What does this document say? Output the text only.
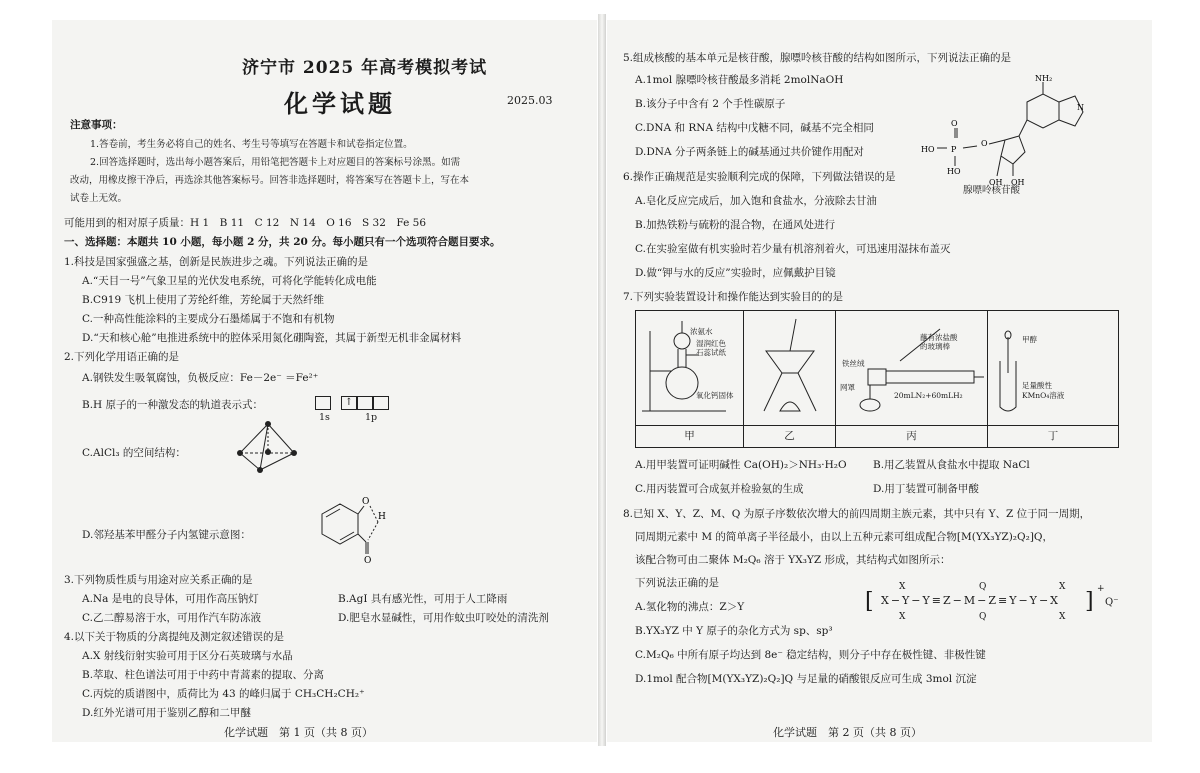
济宁市 2025 年高考模拟考试
化学试题	2025.03
注意事项：
1.答卷前，考生务必将自己的姓名、考生号等填写在答题卡和试卷指定位置。
2.回答选择题时，选出每小题答案后，用铅笔把答题卡上对应题目的答案标号涂黑。如需
改动，用橡皮擦干净后，再选涂其他答案标号。回答非选择题时，将答案写在答题卡上，写在本
试卷上无效。
可能用到的相对原子质量：H 1　B 11　C 12　N 14　O 16　S 32　Fe 56
一、选择题：本题共 10 小题，每小题 2 分，共 20 分。每小题只有一个选项符合题目要求。
1.科技是国家强盛之基，创新是民族进步之魂。下列说法正确的是
A.“天目一号”气象卫星的光伏发电系统，可将化学能转化成电能
B.C919 飞机上使用了芳纶纤维，芳纶属于天然纤维
C.一种高性能涂料的主要成分石墨烯属于不饱和有机物
D.“天和核心舱”电推进系统中的腔体采用氮化硼陶瓷，其属于新型无机非金属材料
2.下列化学用语正确的是
A.钢铁发生吸氧腐蚀，负极反应：Fe－2e⁻ ＝Fe²⁺
B.H 原子的一种激发态的轨道表示式：	↑
1s	1p
C.AlCl₃ 的空间结构：
D.邻羟基苯甲醛分子内氢键示意图：
O
H
O
3.下列物质性质与用途对应关系正确的是
A.Na 是电的良导体，可用作高压钠灯	B.AgI 具有感光性，可用于人工降雨
C.乙二醇易溶于水，可用作汽车防冻液	D.肥皂水显碱性，可用作蚊虫叮咬处的清洗剂
4.以下关于物质的分离提纯及测定叙述错误的是
A.X 射线衍射实验可用于区分石英玻璃与水晶
B.萃取、柱色谱法可用于中药中青蒿素的提取、分离
C.丙烷的质谱图中，质荷比为 43 的峰归属于 CH₃CH₂CH₂⁺
D.红外光谱可用于鉴别乙醇和二甲醚
化学试题　第 1 页（共 8 页）
5.组成核酸的基本单元是核苷酸，腺嘌呤核苷酸的结构如图所示，下列说法正确的是
A.1mol 腺嘌呤核苷酸最多消耗 2molNaOH
B.该分子中含有 2 个手性碳原子
C.DNA 和 RNA 结构中戊糖不同，碱基不完全相同
D.DNA 分子两条链上的碱基通过共价键作用配对
NH₂
N
O
P
HO
HO
OH OH
O
腺嘌呤核苷酸
6.操作正确规范是实验顺利完成的保障，下列做法错误的是
A.皂化反应完成后，加入饱和食盐水，分液除去甘油
B.加热铁粉与硫粉的混合物，在通风处进行
C.在实验室做有机实验时若少量有机溶剂着火，可迅速用湿抹布盖灭
D.做“钾与水的反应”实验时，应佩戴护目镜
7.下列实验装置设计和操作能达到实验目的的是
浓氨水
湿润红色
石蕊试纸
氧化钙固体
蘸有浓盐酸
的玻璃棒
铁丝绒
网罩
20mLN₂+60mLH₂
甲醇
足量酸性
KMnO₄溶液
甲	乙	丙	丁
A.用甲装置可证明碱性 Ca(OH)₂＞NH₃·H₂O	B.用乙装置从食盐水中提取 NaCl
C.用丙装置可合成氨并检验氨的生成	D.用丁装置可制备甲酸
8.已知 X、Y、Z、M、Q 为原子序数依次增大的前四周期主族元素，其中只有 Y、Z 位于同一周期，
同周期元素中 M 的简单离子半径最小，由以上五种元素可组成配合物[M(YX₃YZ)₂Q₂]Q，
该配合物可由二聚体 M₂Q₆ 溶于 YX₃YZ 形成，其结构式如图所示：
下列说法正确的是
A.氢化物的沸点：Z＞Y
B.YX₃YZ 中 Y 原子的杂化方式为 sp、sp³
C.M₂Q₆ 中所有原子均达到 8e⁻ 稳定结构，则分子中存在极性键、非极性键
D.1mol 配合物[M(YX₃YZ)₂Q₂]Q 与足量的硝酸银反应可生成 3mol 沉淀
[
X	Q	X
X−Y−Y≡Z−M−Z≡Y−Y−X
X	Q	X
] +
Q⁻
化学试题　第 2 页（共 8 页）
